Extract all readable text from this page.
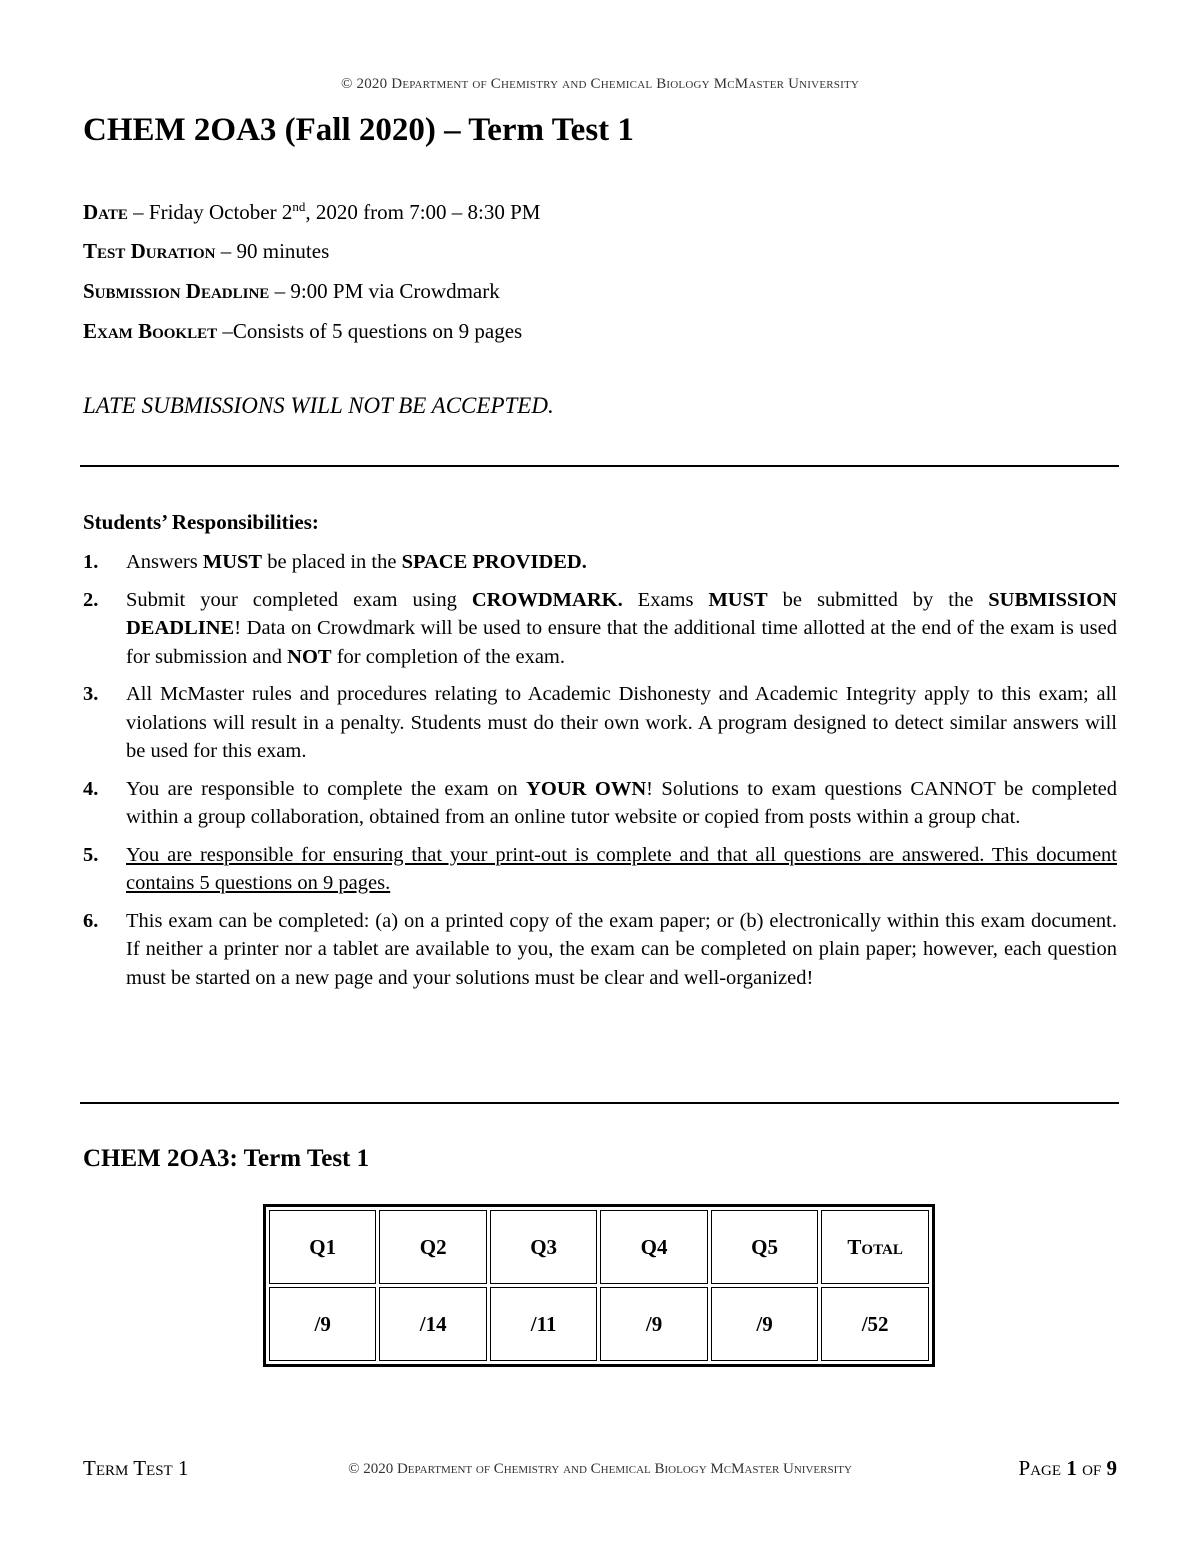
© 2020 Department of Chemistry and Chemical Biology McMaster University
CHEM 2OA3 (Fall 2020) – Term Test 1
Date – Friday October 2nd, 2020 from 7:00 – 8:30 PM
Test Duration – 90 minutes
Submission Deadline – 9:00 PM via Crowdmark
Exam Booklet –Consists of 5 questions on 9 pages
LATE SUBMISSIONS WILL NOT BE ACCEPTED.
Students’ Responsibilities:
1. Answers MUST be placed in the SPACE PROVIDED.
2. Submit your completed exam using CROWDMARK. Exams MUST be submitted by the SUBMISSION DEADLINE! Data on Crowdmark will be used to ensure that the additional time allotted at the end of the exam is used for submission and NOT for completion of the exam.
3. All McMaster rules and procedures relating to Academic Dishonesty and Academic Integrity apply to this exam; all violations will result in a penalty. Students must do their own work. A program designed to detect similar answers will be used for this exam.
4. You are responsible to complete the exam on YOUR OWN! Solutions to exam questions CANNOT be completed within a group collaboration, obtained from an online tutor website or copied from posts within a group chat.
5. You are responsible for ensuring that your print-out is complete and that all questions are answered. This document contains 5 questions on 9 pages.
6. This exam can be completed: (a) on a printed copy of the exam paper; or (b) electronically within this exam document. If neither a printer nor a tablet are available to you, the exam can be completed on plain paper; however, each question must be started on a new page and your solutions must be clear and well-organized!
CHEM 2OA3: Term Test 1
Q1	Q2	Q3	Q4	Q5	Total
/9	/14	/11	/9	/9	/52
Term Test 1	© 2020 Department of Chemistry and Chemical Biology McMaster University	Page 1 of 9
